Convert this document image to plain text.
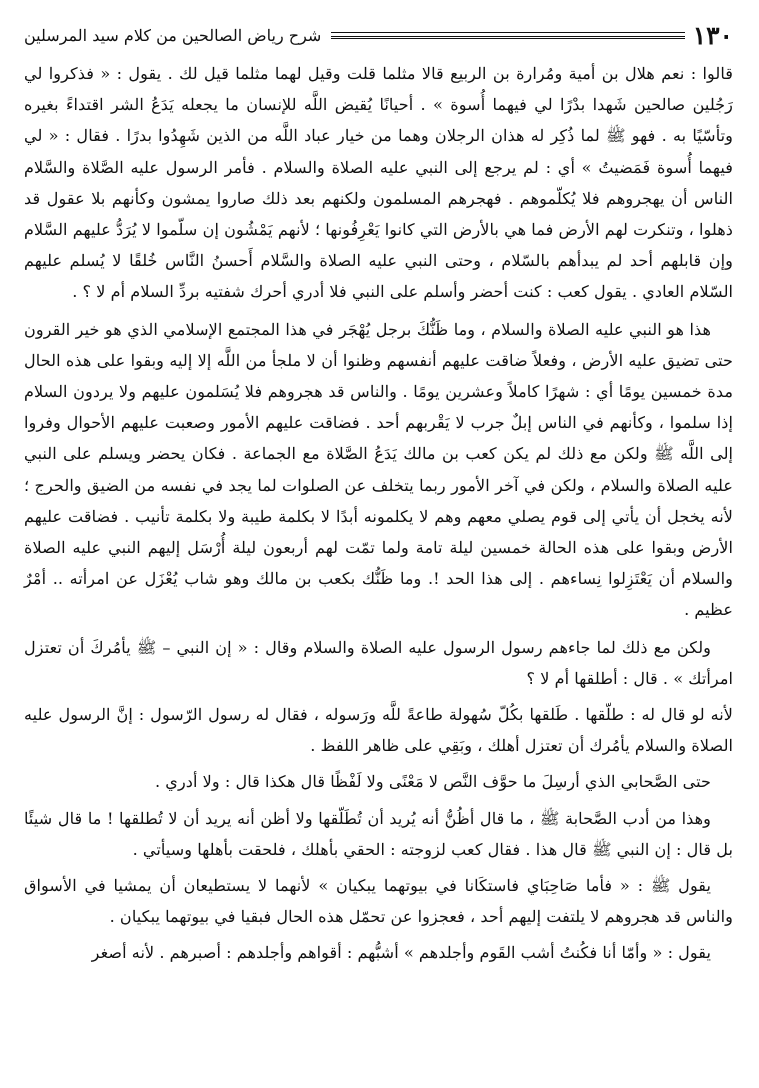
١٣٠
شرح رياض الصالحين من كلام سيد المرسلين

قالوا : نعم هلال بن أمية ومُرارة بن الربيع قالا مثلما قلت وقيل لهما مثلما قيل لك . يقول : « فذكروا لي رَجُلين صالحين شَهدا بدْرًا لي فيهما أُسوة » . أحيانًا يُقيض اللَّه للإنسان ما يجعله يَدَعُ الشر اقتداءً بغيره وتأسّيًا به . فهو ﷺ لما ذُكِر له هذان الرجلان وهما من خيار عباد اللَّه من الذين شَهِدُوا بدرًا . فقال : « لي فيهما أُسوة فَمَضيتُ » أي : لم يرجع إلى النبي عليه الصلاة والسلام . فأمر الرسول عليه الصَّلاة والسَّلام الناس أن يهجروهم فلا يُكلّموهم . فهجرهم المسلمون ولكنهم بعد ذلك صاروا يمشون وكأنهم بلا عقول قد ذهلوا ، وتنكرت لهم الأرض فما هي بالأرض التي كانوا يَعْرِفُونها ؛ لأنهم يَمْشُون إن سلّموا لا يُرَدُّ عليهم السَّلام وإن قابلهم أحد لم يبدأهم بالسّلام ، وحتى النبي عليه الصلاة والسَّلام أَحسنُ النَّاس خُلقًا لا يُسلم عليهم السّلام العادي . يقول كعب : كنت أحضر وأسلم على النبي فلا أدري أحرك شفتيه بردِّ السلام أم لا ؟ .

هذا هو النبي عليه الصلاة والسلام ، وما ظَنُّكَ برجل يُهْجَر في هذا المجتمع الإسلامي الذي هو خير القرون حتى تضيق عليه الأرض ، وفعلاً ضاقت عليهم أنفسهم وظنوا أن لا ملجأ من اللَّه إلا إليه وبقوا على هذه الحال مدة خمسين يومًا أي : شهرًا كاملاً وعشرين يومًا . والناس قد هجروهم فلا يُسَلمون عليهم ولا يردون السلام إذا سلموا ، وكأنهم في الناس إبلٌ جرب لا يَقْربهم أحد . فضاقت عليهم الأمور وصعبت عليهم الأحوال وفروا إلى اللَّه ﷺ ولكن مع ذلك لم يكن كعب بن مالك يَدَعُ الصَّلاة مع الجماعة . فكان يحضر ويسلم على النبي عليه الصلاة والسلام ، ولكن في آخر الأمور ربما يتخلف عن الصلوات لما يجد في نفسه من الضيق والحرج ؛ لأنه يخجل أن يأتي إلى قوم يصلي معهم وهم لا يكلمونه أبدًا لا بكلمة طيبة ولا بكلمة تأنيب . فضاقت عليهم الأرض وبقوا على هذه الحالة خمسين ليلة تامة ولما تمّت لهم أربعون ليلة أُرْسَل إليهم النبي عليه الصلاة والسلام أن يَعْتَزِلوا نِساءهم . إلى هذا الحد !. وما ظَنُّك بكعب بن مالك وهو شاب يُعْزَل عن امرأته .. أمْرٌ عظيم .

ولكن مع ذلك لما جاءهم رسول الرسول عليه الصلاة والسلام وقال : « إن النبي – ﷺ يأمُركَ أن تعتزل امرأتك » . قال : أطلقها أم لا ؟

لأنه لو قال له : طلّقها . طَلقها بكُلّ سُهولة طاعةً للَّه ورَسوله ، فقال له رسول الرّسول : إنَّ الرسول عليه الصلاة والسلام يأمُرك أن تعتزل أهلك ، وبَقِي على ظاهر اللفظ .

حتى الصَّحابي الذي أرسِلَ ما حوَّف النَّص لا مَعْنًى ولا لَفْظًا قال هكذا قال : ولا أدري .

وهذا من أدب الصَّحابة ﷺ ، ما قال أظُنُّ أنه يُريد أن تُطَلّقها ولا أظن أنه يريد أن لا تُطلقها ! ما قال شيئًا بل قال : إن النبي ﷺ قال هذا . فقال كعب لزوجته : الحقي بأهلك ، فلحقت بأهلها وسيأتي .

يقول ﷺ : « فأما صَاحِبَاي فاستكَانا في بيوتهما يبكيان » لأنهما لا يستطيعان أن يمشيا في الأسواق والناس قد هجروهم لا يلتفت إليهم أحد ، فعجزوا عن تحمّل هذه الحال فبقيا في بيوتهما يبكيان .

يقول : « وأمّا أنا فكُنتُ أشب القَوم وأجلدهم » أشبُّهم : أقواهم وأجلدهم : أصبرهم . لأنه أصغر
